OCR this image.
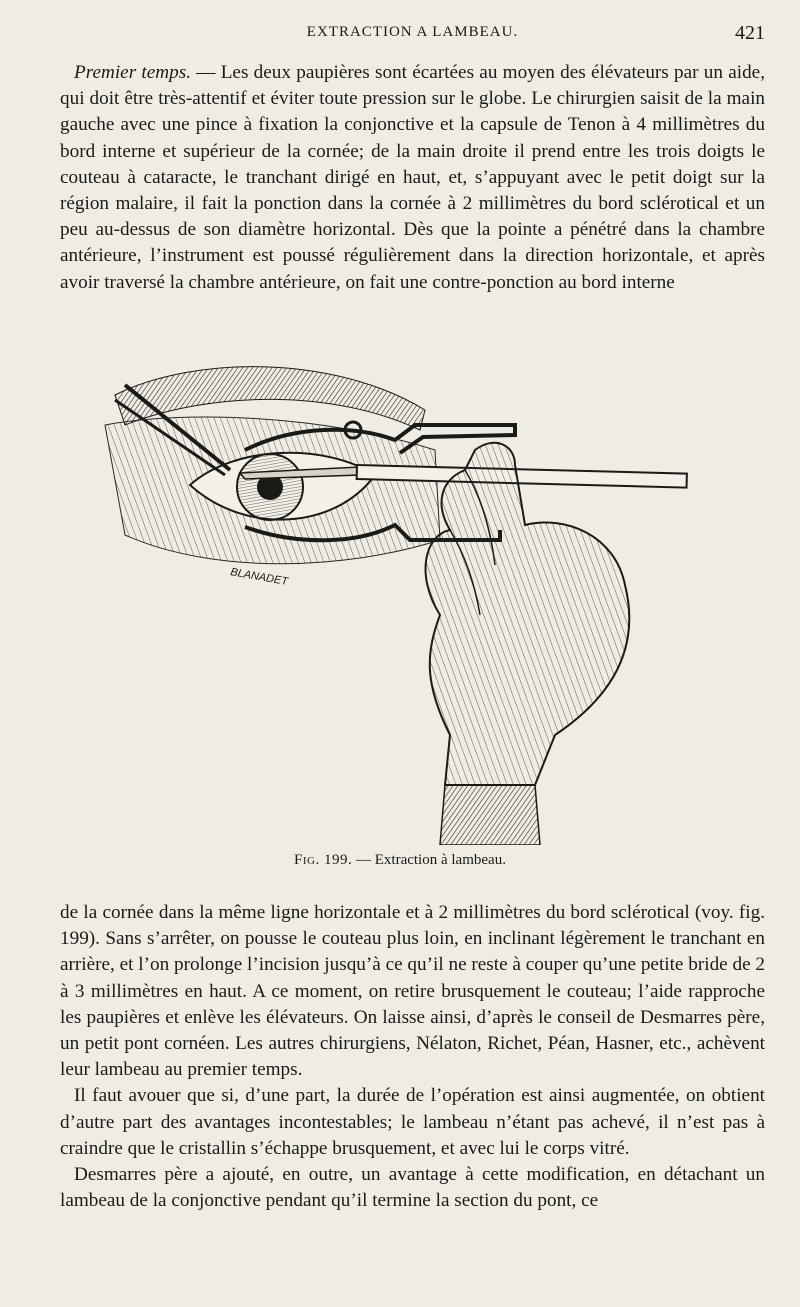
EXTRACTION A LAMBEAU.	421

Premier temps. — Les deux paupières sont écartées au moyen des élévateurs par un aide, qui doit être très-attentif et éviter toute pression sur le globe. Le chirurgien saisit de la main gauche avec une pince à fixation la conjonctive et la capsule de Tenon à 4 millimètres du bord interne et supérieur de la cornée; de la main droite il prend entre les trois doigts le couteau à cataracte, le tranchant dirigé en haut, et, s’appuyant avec le petit doigt sur la région malaire, il fait la ponction dans la cornée à 2 millimètres du bord sclérotical et un peu au-dessus de son diamètre horizontal. Dès que la pointe a pénétré dans la chambre antérieure, l’instrument est poussé régulièrement dans la direction horizontale, et après avoir traversé la chambre antérieure, on fait une contre-ponction au bord interne

BLANADET
Fig. 199. — Extraction à lambeau.

de la cornée dans la même ligne horizontale et à 2 millimètres du bord sclérotical (voy. fig. 199). Sans s’arrêter, on pousse le couteau plus loin, en inclinant légèrement le tranchant en arrière, et l’on prolonge l’incision jusqu’à ce qu’il ne reste à couper qu’une petite bride de 2 à 3 millimètres en haut. A ce moment, on retire brusquement le couteau; l’aide rapproche les paupières et enlève les élévateurs. On laisse ainsi, d’après le conseil de Desmarres père, un petit pont cornéen. Les autres chirurgiens, Nélaton, Richet, Péan, Hasner, etc., achèvent leur lambeau au premier temps.

Il faut avouer que si, d’une part, la durée de l’opération est ainsi augmentée, on obtient d’autre part des avantages incontestables; le lambeau n’étant pas achevé, il n’est pas à craindre que le cristallin s’échappe brusquement, et avec lui le corps vitré.

Desmarres père a ajouté, en outre, un avantage à cette modification, en détachant un lambeau de la conjonctive pendant qu’il termine la section du pont, ce
